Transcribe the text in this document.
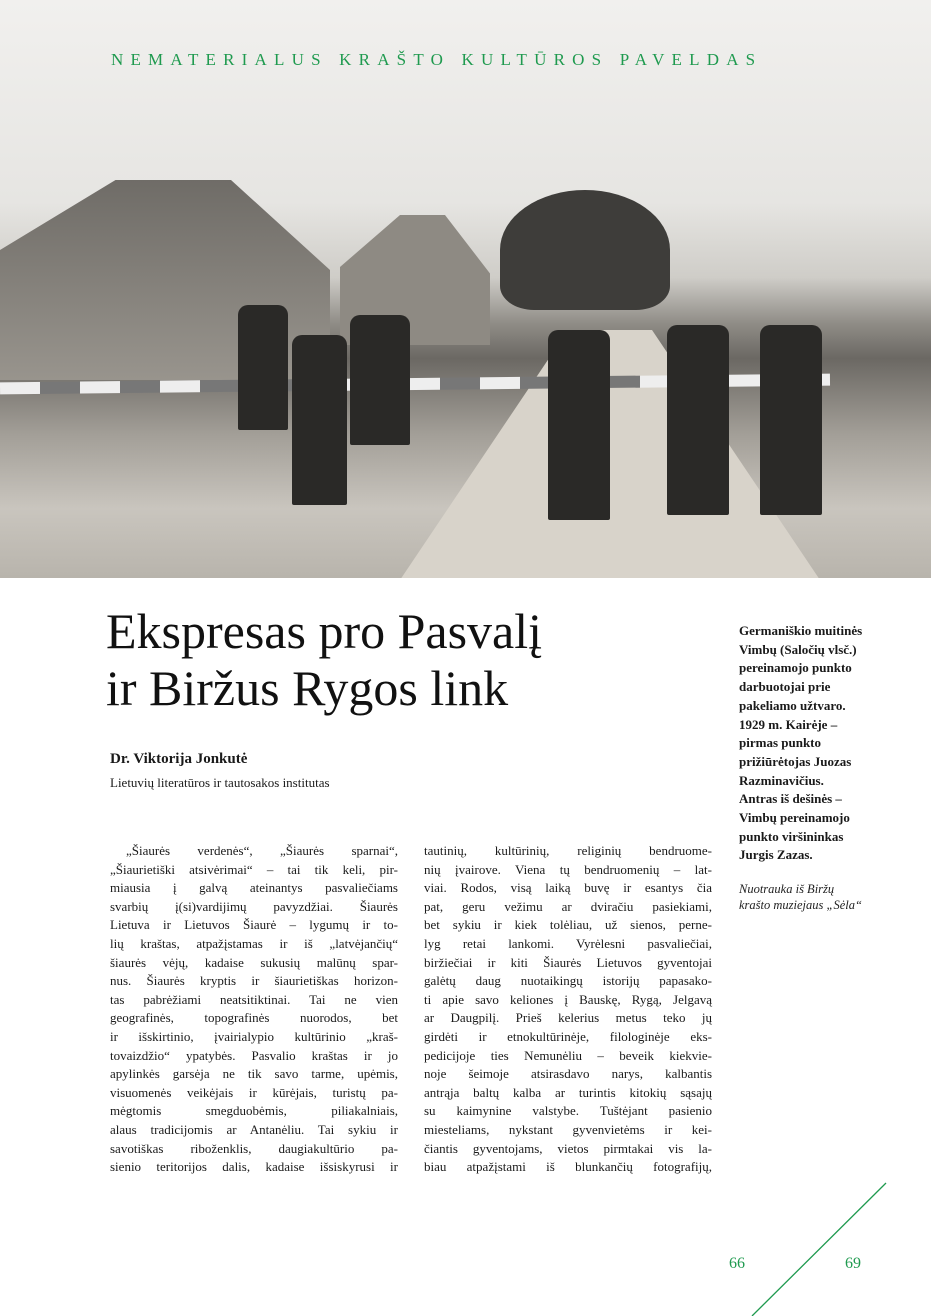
NEMATERIALUS KRAŠTO KULTŪROS PAVELDAS
Ekspresas pro Pasvalį
ir Biržus Rygos link
Dr. Viktorija Jonkutė
Lietuvių literatūros ir tautosakos institutas
„Šiaurės verdenės“, „Šiaurės sparnai“,
„Šiaurietiški atsivėrimai“ – tai tik keli, pir-
miausia į galvą ateinantys pasvaliečiams
svarbių į(si)vardijimų pavyzdžiai. Šiaurės
Lietuva ir Lietuvos Šiaurė – lygumų ir to-
lių kraštas, atpažįstamas ir iš „latvėjančių“
šiaurės vėjų, kadaise sukusių malūnų spar-
nus. Šiaurės kryptis ir šiaurietiškas horizon-
tas pabrėžiami neatsitiktinai. Tai ne vien
geografinės, topografinės nuorodos, bet
ir išskirtinio, įvairialypio kultūrinio „kraš-
tovaizdžio“ ypatybės. Pasvalio kraštas ir jo
apylinkės garsėja ne tik savo tarme, upėmis,
visuomenės veikėjais ir kūrėjais, turistų pa-
mėgtomis smegduobėmis, piliakalniais,
alaus tradicijomis ar Antanėliu. Tai sykiu ir
savotiškas riboženklis, daugiakultūrio pa-
sienio teritorijos dalis, kadaise išsiskyrusi ir
tautinių, kultūrinių, religinių bendruome-
nių įvairove. Viena tų bendruomenių – lat-
viai. Rodos, visą laiką buvę ir esantys čia
pat, geru vežimu ar dviračiu pasiekiami,
bet sykiu ir kiek tolėliau, už sienos, perne-
lyg retai lankomi. Vyrėlesni pasvaliečiai,
biržiečiai ir kiti Šiaurės Lietuvos gyventojai
galėtų daug nuotaikingų istorijų papasako-
ti apie savo keliones į Bauskę, Rygą, Jelgavą
ar Daugpilį. Prieš kelerius metus teko jų
girdėti ir etnokultūrinėje, filologinėje eks-
pedicijoje ties Nemunėliu – beveik kiekvie-
noje šeimoje atsirasdavo narys, kalbantis
antrąja baltų kalba ar turintis kitokių sąsajų
su kaimynine valstybe. Tuštėjant pasienio
miesteliams, nykstant gyvenvietėms ir kei-
čiantis gyventojams, vietos pirmtakai vis la-
biau atpažįstami iš blunkančių fotografijų,
Germaniškio muitinės
Vimbų (Saločių vlsč.)
pereinamojo punkto
darbuotojai prie
pakeliamo užtvaro.
1929 m. Kairėje –
pirmas punkto
prižiūrėtojas Juozas
Razminavičius.
Antras iš dešinės –
Vimbų pereinamojo
punkto viršininkas
Jurgis Zazas.
Nuotrauka iš Biržų
krašto muziejaus „Sėla“
66	69
